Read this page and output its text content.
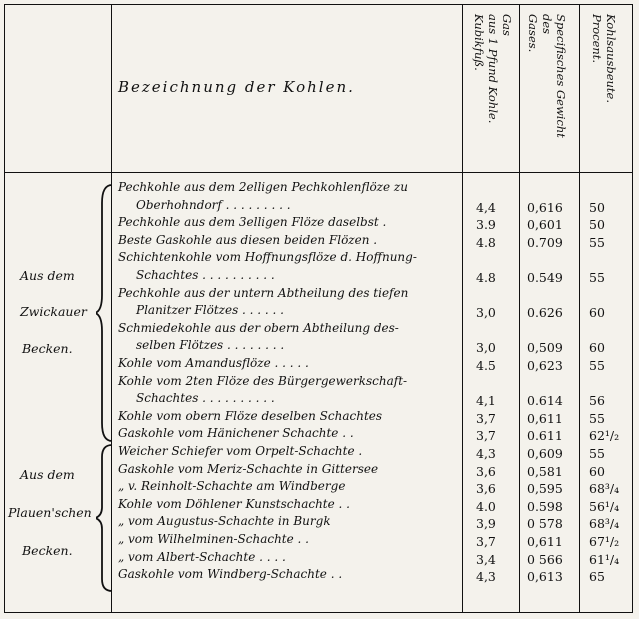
Bezeichnung der Kohlen.
Gas
aus 1 Pfund Kohle.
Kubikfuß.	Specifisches Gewicht
des
Gases.	Kohlsausbeute.
Procent.
Aus dem
Zwickauer
Becken.
Aus dem
Plauen'schen
Becken.
Pechkohle aus dem 2elligen Pechkohlenflöze zu
Oberhohndorf . . . . . . . . .	4,4 0,616 50
Pechkohle aus dem 3elligen Flöze daselbst .	3.9 0,601 50
Beste Gaskohle aus diesen beiden Flözen .	4.8 0.709 55
Schichtenkohle vom Hoffnungsflöze d. Hoffnung-
Schachtes . . . . . . . . . .	4.8 0.549 55
Pechkohle aus der untern Abtheilung des tiefen
Planitzer Flötzes . . . . . .	3,0 0.626 60
Schmiedekohle aus der obern Abtheilung des-
selben Flötzes . . . . . . . .	3,0 0,509 60
Kohle vom Amandusflöze . . . . .	4.5 0,623 55
Kohle vom 2ten Flöze des Bürgergewerkschaft-
Schachtes . . . . . . . . . .	4,1 0.614 56
Kohle vom obern Flöze deselben Schachtes	3,7 0,611 55
Gaskohle vom Hänichener Schachte . .	3,7 0.611 62¹/₂
Weicher Schiefer vom Orpelt-Schachte .	4,3 0,609 55
Gaskohle vom Meriz-Schachte in Gittersee	3,6 0,581 60
„ v. Reinholt-Schachte am Windberge	3,6 0,595 68³/₄
Kohle vom Döhlener Kunstschachte . .	4.0 0.598 56¹/₄
„ vom Augustus-Schachte in Burgk	3,9 0 578 68³/₄
„ vom Wilhelminen-Schachte . .	3,7 0,611 67¹/₂
„ vom Albert-Schachte . . . .	3,4 0 566 61¹/₄
Gaskohle vom Windberg-Schachte . .	4,3 0,613 65
